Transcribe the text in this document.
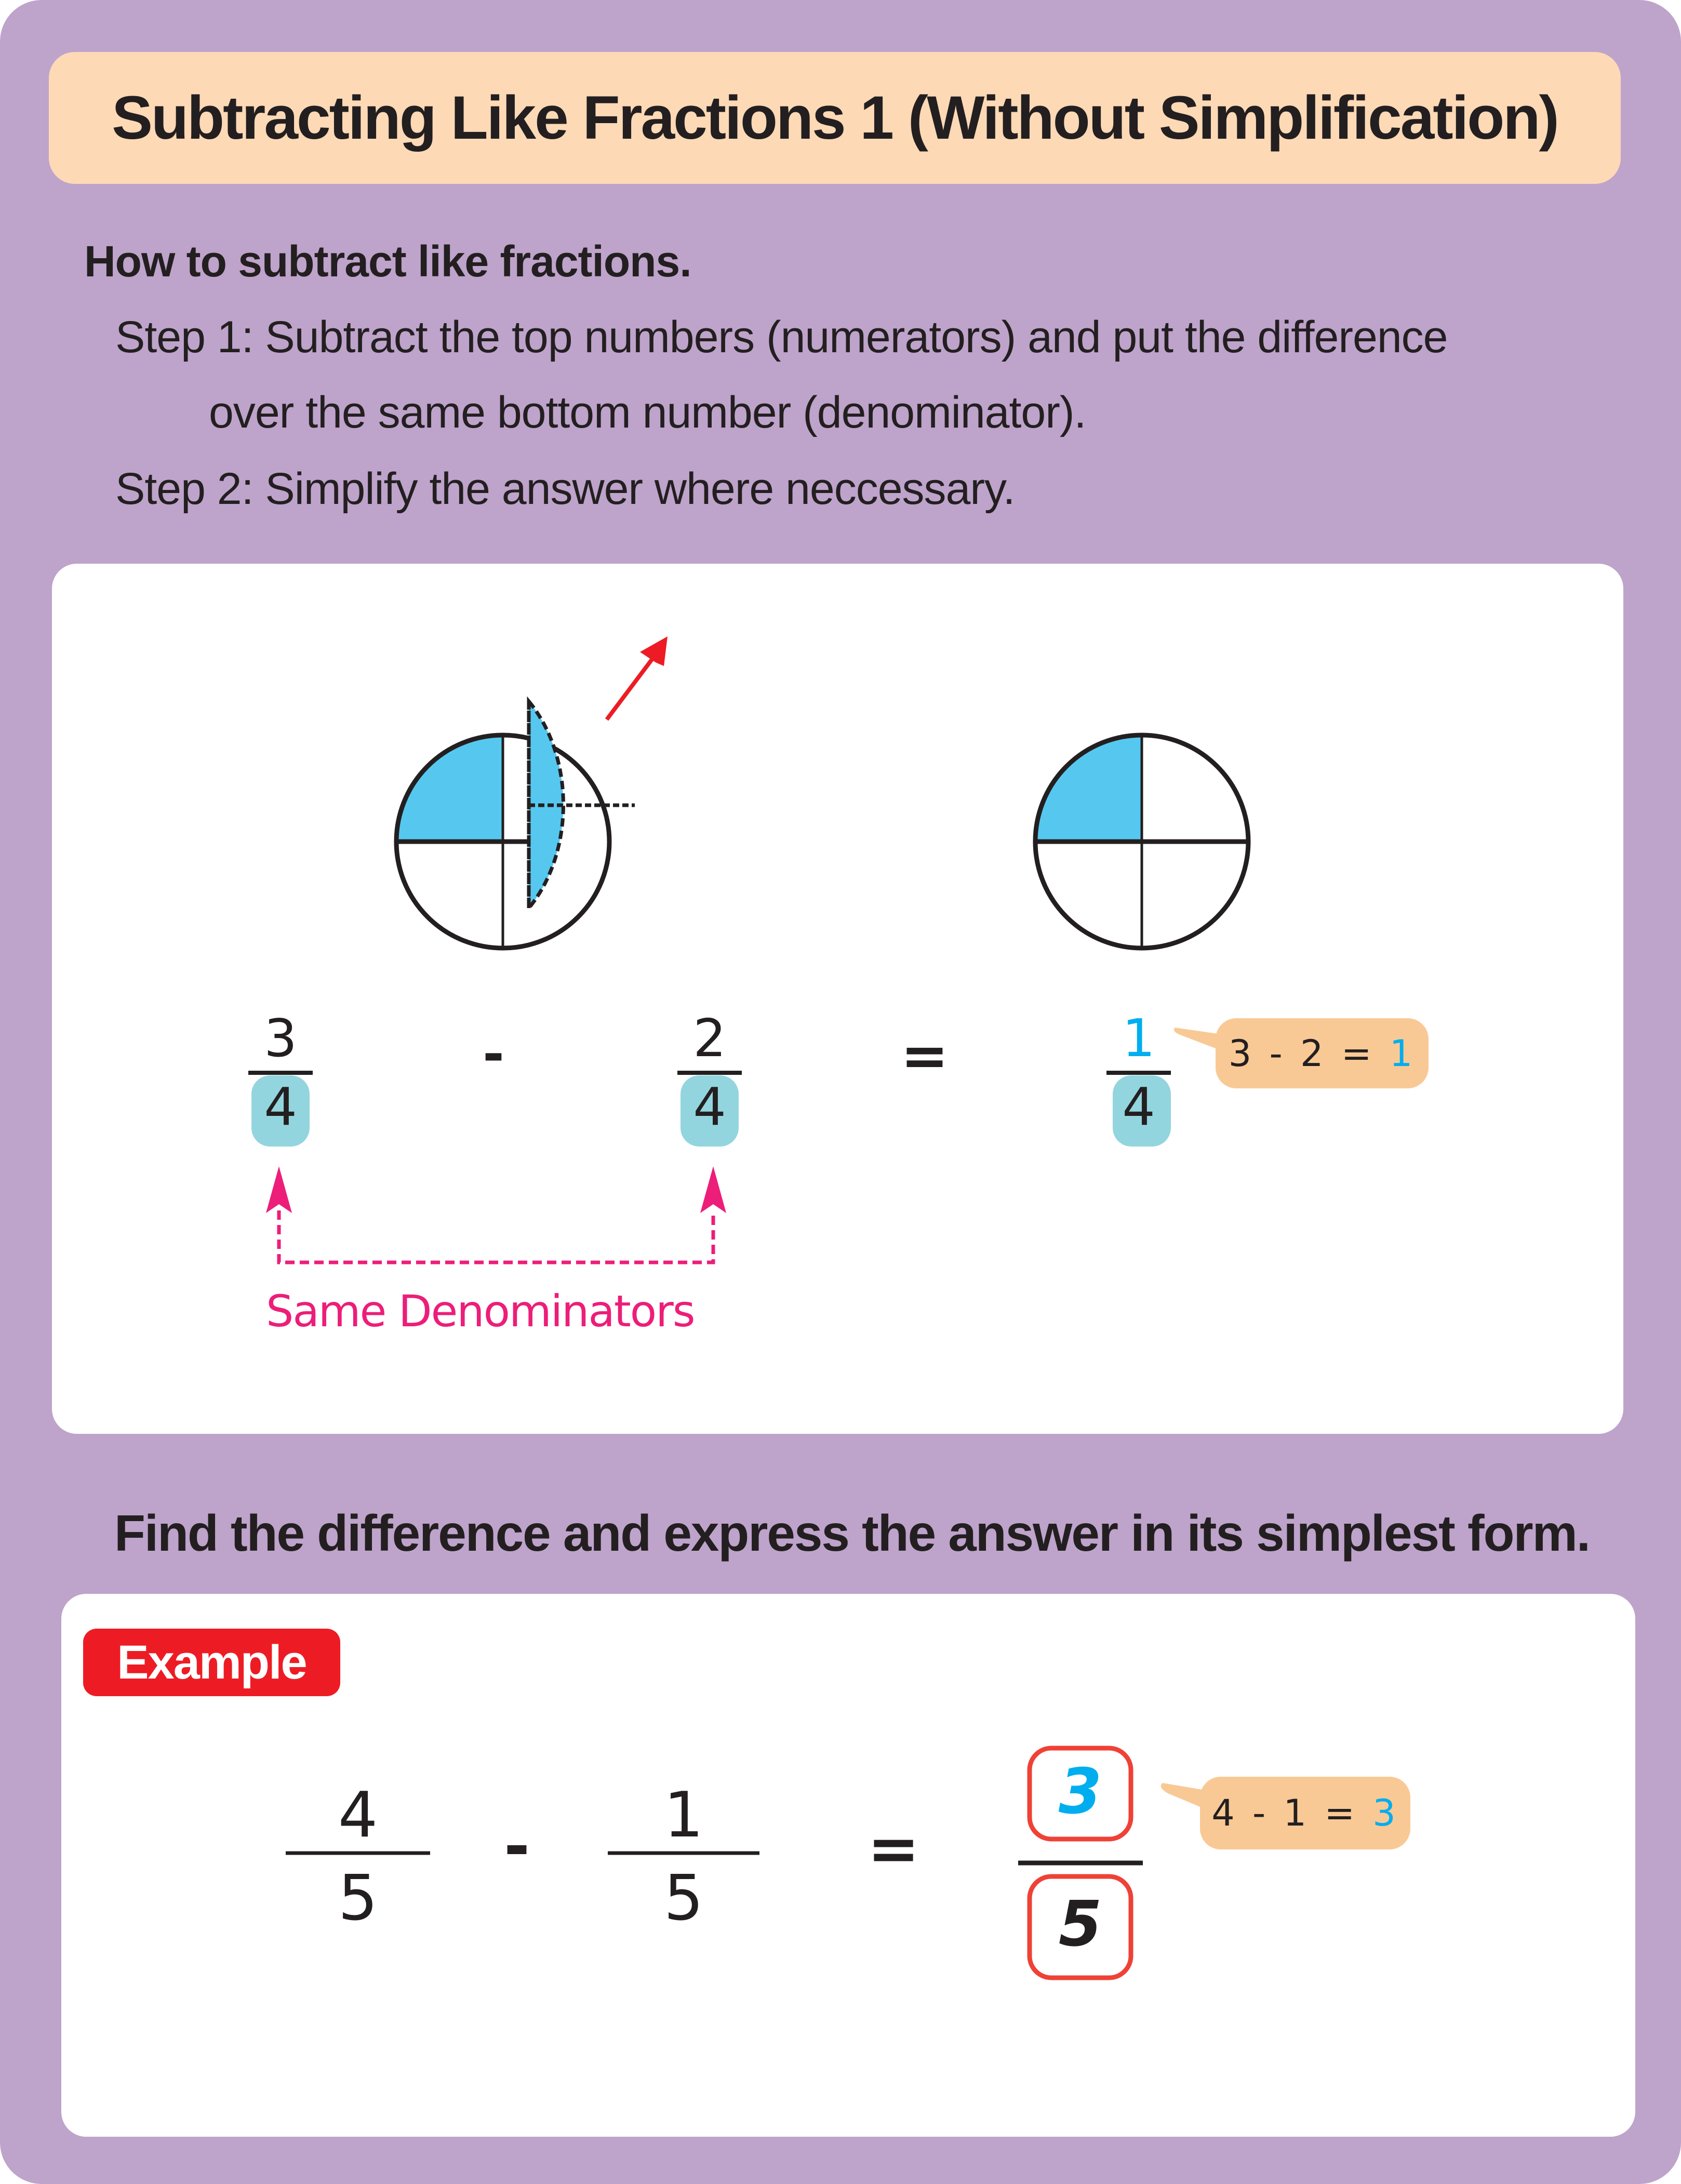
Subtracting Like Fractions 1 (Without Simplification)
How to subtract like fractions.
Step 1: Subtract the top numbers (numerators) and put the difference
over the same bottom number (denominator).
Step 2: Simplify the answer where neccessary.
3
4
-	2
4
=	1
4
3
-
2
=
1
Same Denominators
Find the difference and express the answer in its simplest form.
Example
4
5
-	1
5
=
3
5
4
-
1
=
3
